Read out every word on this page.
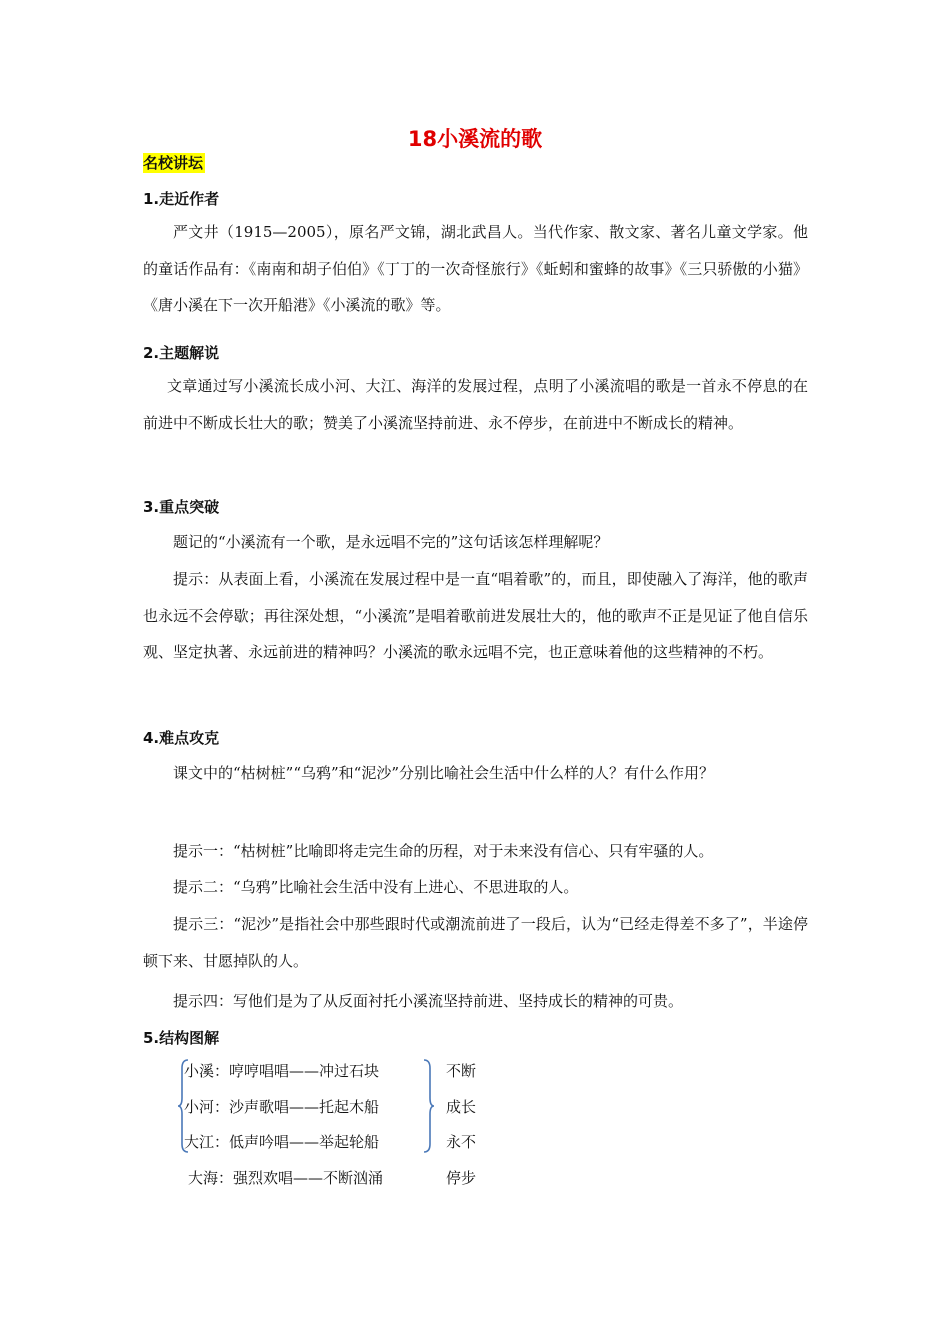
18小溪流的歌
名校讲坛
1.走近作者
严文井（1915—2005），原名严文锦，湖北武昌人。当代作家、散文家、著名儿童文学家。他的童话作品有：《南南和胡子伯伯》《丁丁的一次奇怪旅行》《蚯蚓和蜜蜂的故事》《三只骄傲的小猫》《唐小溪在下一次开船港》《小溪流的歌》等。
2.主题解说
文章通过写小溪流长成小河、大江、海洋的发展过程，点明了小溪流唱的歌是一首永不停息的在前进中不断成长壮大的歌；赞美了小溪流坚持前进、永不停步，在前进中不断成长的精神。
3.重点突破
题记的“小溪流有一个歌，是永远唱不完的”这句话该怎样理解呢？
提示：从表面上看，小溪流在发展过程中是一直“唱着歌”的，而且，即使融入了海洋，他的歌声也永远不会停歇；再往深处想，“小溪流”是唱着歌前进发展壮大的，他的歌声不正是见证了他自信乐观、坚定执著、永远前进的精神吗？小溪流的歌永远唱不完，也正意味着他的这些精神的不朽。
4.难点攻克
课文中的“枯树桩”“乌鸦”和“泥沙”分别比喻社会生活中什么样的人？有什么作用？
提示一：“枯树桩”比喻即将走完生命的历程，对于未来没有信心、只有牢骚的人。
提示二：“乌鸦”比喻社会生活中没有上进心、不思进取的人。
提示三：“泥沙”是指社会中那些跟时代或潮流前进了一段后，认为“已经走得差不多了”，半途停顿下来、甘愿掉队的人。
提示四：写他们是为了从反面衬托小溪流坚持前进、坚持成长的精神的可贵。
5.结构图解
小溪：哼哼唱唱——冲过石块
小河：沙声歌唱——托起木船
大江：低声吟唱——举起轮船
大海：强烈欢唱——不断汹涌
不断
成长
永不
停步
